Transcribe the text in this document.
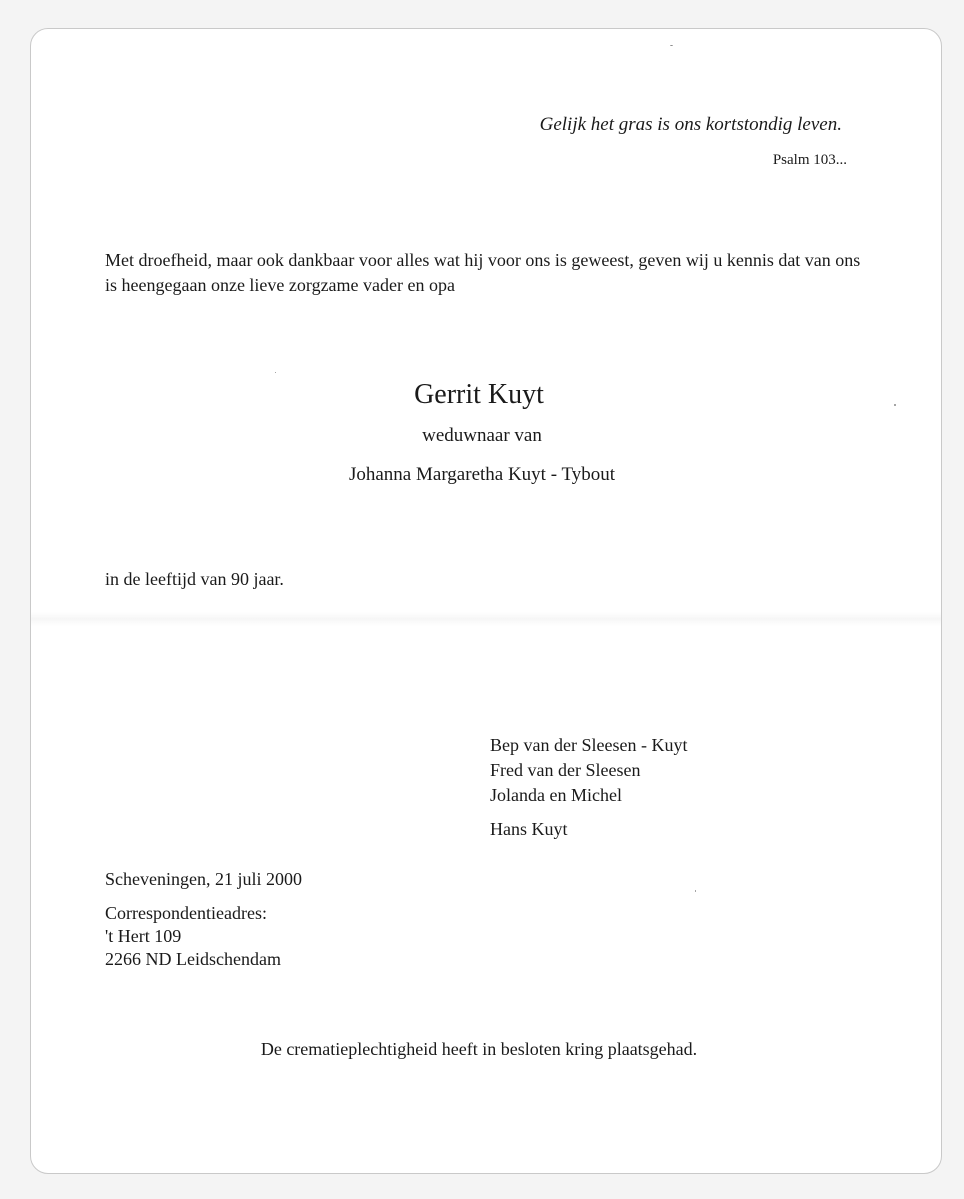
Gelijk het gras is ons kortstondig leven.

Psalm 103...

Met droefheid, maar ook dankbaar voor alles wat hij voor ons is geweest, geven wij u kennis dat van ons is heengegaan onze lieve zorgzame vader en opa

Gerrit Kuyt

weduwnaar van

Johanna Margaretha Kuyt - Tybout

in de leeftijd van 90 jaar.

Bep van der Sleesen - Kuyt
Fred van der Sleesen
Jolanda en Michel
Hans Kuyt

Scheveningen, 21 juli 2000

Correspondentieadres:
't Hert 109
2266 ND Leidschendam

De crematieplechtigheid heeft in besloten kring plaatsgehad.
